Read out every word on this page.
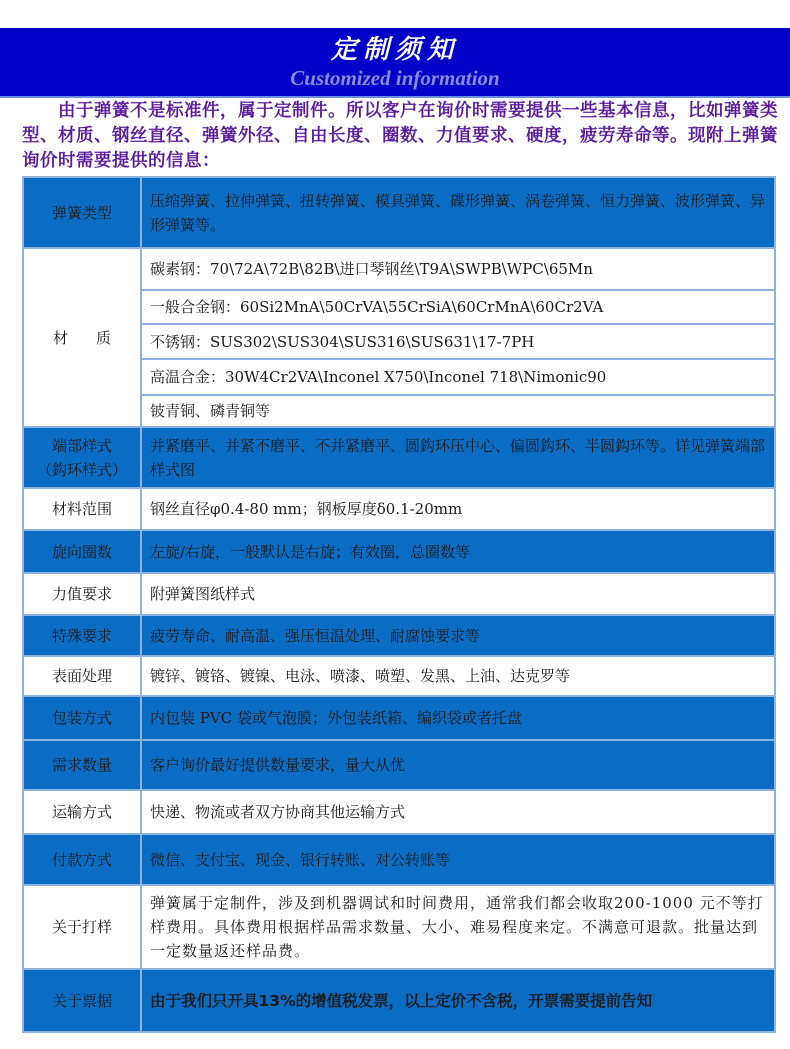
定制须知
Customized information
由于弹簧不是标准件，属于定制件。所以客户在询价时需要提供一些基本信息，比如弹簧类型、材质、钢丝直径、弹簧外径、自由长度、圈数、力值要求、硬度，疲劳寿命等。现附上弹簧询价时需要提供的信息：
弹簧类型	压缩弹簧、拉伸弹簧、扭转弹簧、模具弹簧、碟形弹簧、涡卷弹簧、恒力弹簧、波形弹簧、异形弹簧等。
材质	碳素钢：70\72A\72B\82B\进口琴钢丝\T9A\SWPB\WPC\65Mn
	一般合金钢：60Si2MnA\50CrVA\55CrSiA\60CrMnA\60Cr2VA
	不锈钢：SUS302\SUS304\SUS316\SUS631\17-7PH
	高温合金：30W4Cr2VA\Inconel X750\Inconel 718\Nimonic90
	铍青铜、磷青铜等

端部样式
（鈎环样式）	并紧磨平、并紧不磨平、不并紧磨平、圆鈎环压中心、偏圆鈎环、半圆鈎环等。详见弹簧端部样式图
材料范围	钢丝直径φ0.4-80 mm；钢板厚度δ0.1-20mm
旋向圈数	左旋/右旋，一般默认是右旋；有效圈，总圈数等
力值要求	附弹簧图纸样式
特殊要求	疲劳寿命、耐高温、强压恒温处理、耐腐蚀要求等
表面处理	镀锌、镀铬、镀镍、电泳、喷漆、喷塑、发黑、上油、达克罗等
包装方式	内包装 PVC 袋或气泡膜；外包装纸箱、编织袋或者托盘
需求数量	客户询价最好提供数量要求，量大从优
运输方式	快递、物流或者双方协商其他运输方式
付款方式	微信、支付宝、现金、银行转账、对公转账等
关于打样	弹簧属于定制件，涉及到机器调试和时间费用，通常我们都会收取200-1000 元不等打样费用。具体费用根据样品需求数量、大小、难易程度来定。不满意可退款。批量达到一定数量返还样品费。
关于票据	由于我们只开具13%的增值税发票，以上定价不含税，开票需要提前告知
